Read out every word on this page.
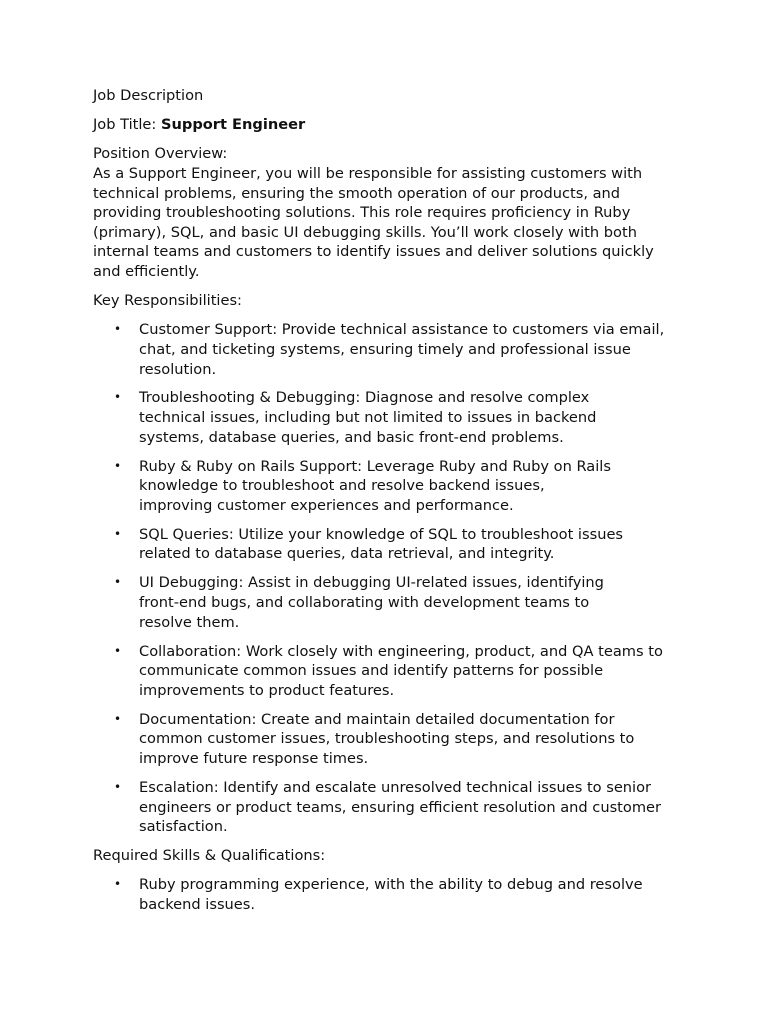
Job Description

Job Title: Support Engineer

Position Overview:
As a Support Engineer, you will be responsible for assisting customers with technical problems, ensuring the smooth operation of our products, and providing troubleshooting solutions. This role requires proficiency in Ruby (primary), SQL, and basic UI debugging skills. You’ll work closely with both internal teams and customers to identify issues and deliver solutions quickly and efficiently.

Key Responsibilities:

• Customer Support: Provide technical assistance to customers via email, chat, and ticketing systems, ensuring timely and professional issue resolution.
• Troubleshooting & Debugging: Diagnose and resolve complex technical issues, including but not limited to issues in backend systems, database queries, and basic front-end problems.
• Ruby & Ruby on Rails Support: Leverage Ruby and Ruby on Rails knowledge to troubleshoot and resolve backend issues, improving customer experiences and performance.
• SQL Queries: Utilize your knowledge of SQL to troubleshoot issues related to database queries, data retrieval, and integrity.
• UI Debugging: Assist in debugging UI-related issues, identifying front-end bugs, and collaborating with development teams to resolve them.
• Collaboration: Work closely with engineering, product, and QA teams to communicate common issues and identify patterns for possible improvements to product features.
• Documentation: Create and maintain detailed documentation for common customer issues, troubleshooting steps, and resolutions to improve future response times.
• Escalation: Identify and escalate unresolved technical issues to senior engineers or product teams, ensuring efficient resolution and customer satisfaction.

Required Skills & Qualifications:

• Ruby programming experience, with the ability to debug and resolve backend issues.
